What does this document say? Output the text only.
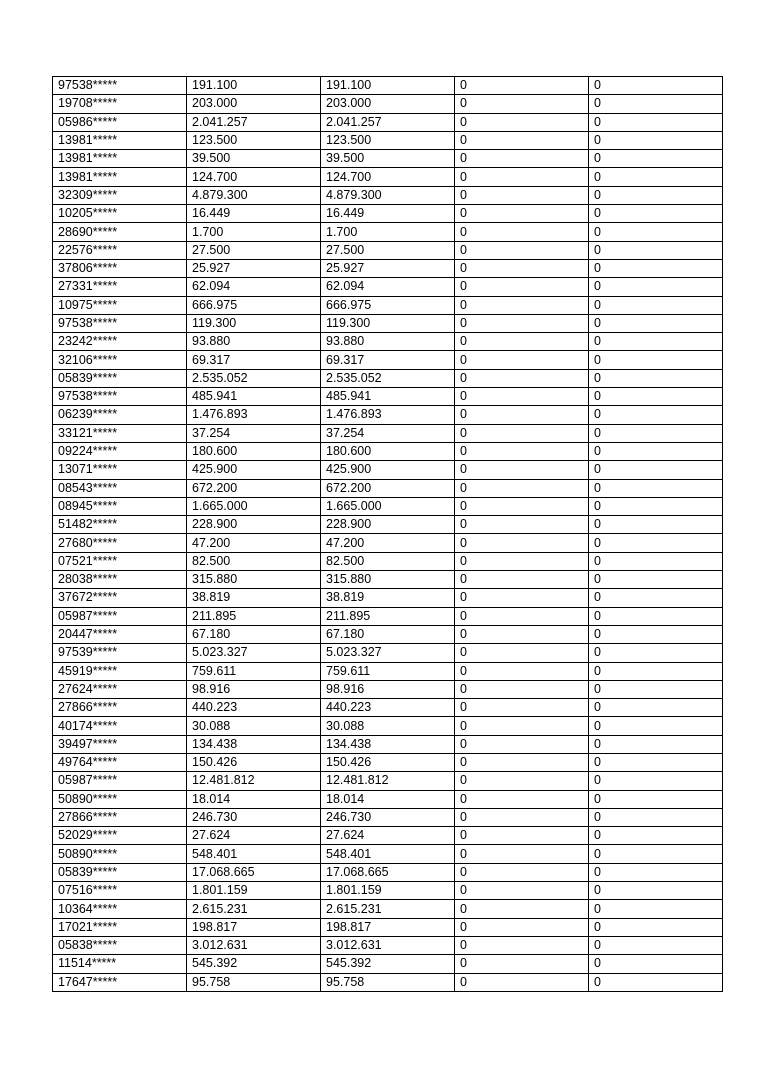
97538*****	191.100	191.100	0	0
19708*****	203.000	203.000	0	0
05986*****	2.041.257	2.041.257	0	0
13981*****	123.500	123.500	0	0
13981*****	39.500	39.500	0	0
13981*****	124.700	124.700	0	0
32309*****	4.879.300	4.879.300	0	0
10205*****	16.449	16.449	0	0
28690*****	1.700	1.700	0	0
22576*****	27.500	27.500	0	0
37806*****	25.927	25.927	0	0
27331*****	62.094	62.094	0	0
10975*****	666.975	666.975	0	0
97538*****	119.300	119.300	0	0
23242*****	93.880	93.880	0	0
32106*****	69.317	69.317	0	0
05839*****	2.535.052	2.535.052	0	0
97538*****	485.941	485.941	0	0
06239*****	1.476.893	1.476.893	0	0
33121*****	37.254	37.254	0	0
09224*****	180.600	180.600	0	0
13071*****	425.900	425.900	0	0
08543*****	672.200	672.200	0	0
08945*****	1.665.000	1.665.000	0	0
51482*****	228.900	228.900	0	0
27680*****	47.200	47.200	0	0
07521*****	82.500	82.500	0	0
28038*****	315.880	315.880	0	0
37672*****	38.819	38.819	0	0
05987*****	211.895	211.895	0	0
20447*****	67.180	67.180	0	0
97539*****	5.023.327	5.023.327	0	0
45919*****	759.611	759.611	0	0
27624*****	98.916	98.916	0	0
27866*****	440.223	440.223	0	0
40174*****	30.088	30.088	0	0
39497*****	134.438	134.438	0	0
49764*****	150.426	150.426	0	0
05987*****	12.481.812	12.481.812	0	0
50890*****	18.014	18.014	0	0
27866*****	246.730	246.730	0	0
52029*****	27.624	27.624	0	0
50890*****	548.401	548.401	0	0
05839*****	17.068.665	17.068.665	0	0
07516*****	1.801.159	1.801.159	0	0
10364*****	2.615.231	2.615.231	0	0
17021*****	198.817	198.817	0	0
05838*****	3.012.631	3.012.631	0	0
11514*****	545.392	545.392	0	0
17647*****	95.758	95.758	0	0
